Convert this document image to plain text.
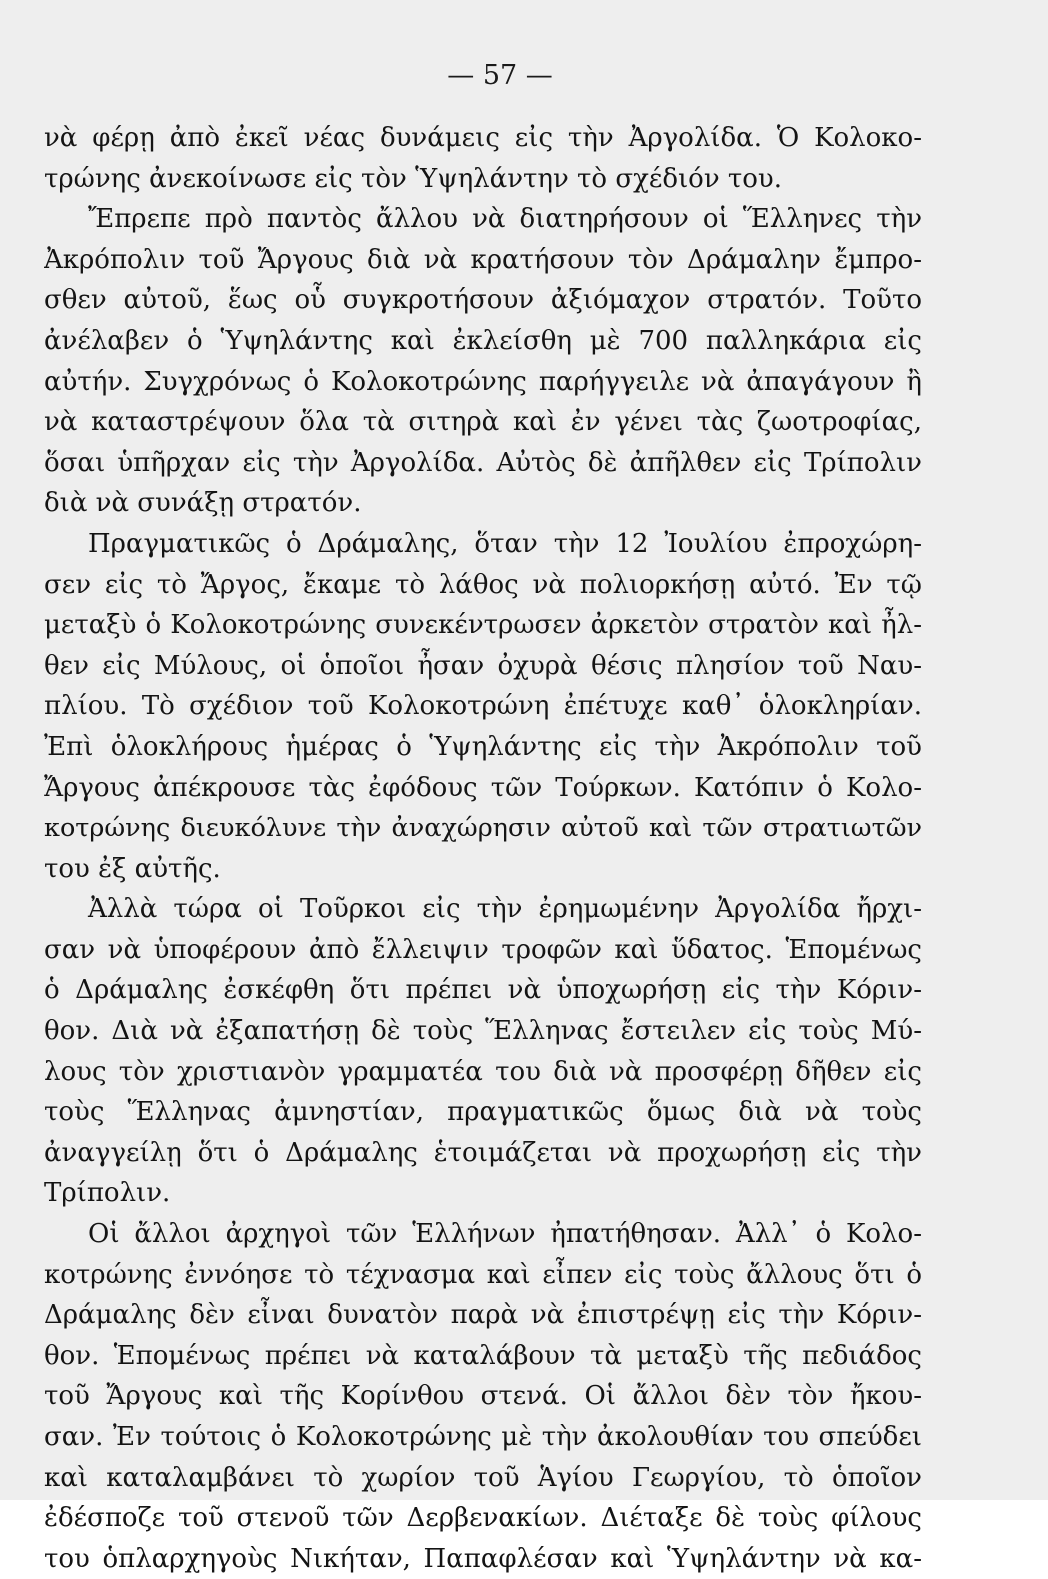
— 57 —
νὰ φέρῃ ἀπὸ ἐκεῖ νέας δυνάμεις εἰς τὴν Ἀργολίδα. Ὁ Κολοκο-
τρώνης ἀνεκοίνωσε εἰς τὸν Ὑψηλάντην τὸ σχέδιόν του.
Ἔπρεπε πρὸ παντὸς ἄλλου νὰ διατηρήσουν οἱ Ἕλληνες τὴν
Ἀκρόπολιν τοῦ Ἄργους διὰ νὰ κρατήσουν τὸν Δράμαλην ἔμπρο-
σθεν αὐτοῦ, ἕως οὗ συγκροτήσουν ἀξιόμαχον στρατόν. Τοῦτο
ἀνέλαβεν ὁ Ὑψηλάντης καὶ ἐκλείσθη μὲ 700 παλληκάρια εἰς
αὐτήν. Συγχρόνως ὁ Κολοκοτρώνης παρήγγειλε νὰ ἀπαγάγουν ἢ
νὰ καταστρέψουν ὅλα τὰ σιτηρὰ καὶ ἐν γένει τὰς ζωοτροφίας,
ὅσαι ὑπῆρχαν εἰς τὴν Ἀργολίδα. Αὐτὸς δὲ ἀπῆλθεν εἰς Τρίπολιν
διὰ νὰ συνάξῃ στρατόν.
Πραγματικῶς ὁ Δράμαλης, ὅταν τὴν 12 Ἰουλίου ἐπροχώρη-
σεν εἰς τὸ Ἄργος, ἔκαμε τὸ λάθος νὰ πολιορκήσῃ αὐτό. Ἐν τῷ
μεταξὺ ὁ Κολοκοτρώνης συνεκέντρωσεν ἀρκετὸν στρατὸν καὶ ἦλ-
θεν εἰς Μύλους, οἱ ὁποῖοι ἦσαν ὀχυρὰ θέσις πλησίον τοῦ Ναυ-
πλίου. Τὸ σχέδιον τοῦ Κολοκοτρώνη ἐπέτυχε καθ᾽ ὁλοκληρίαν.
Ἐπὶ ὁλοκλήρους ἡμέρας ὁ Ὑψηλάντης εἰς τὴν Ἀκρόπολιν τοῦ
Ἄργους ἀπέκρουσε τὰς ἐφόδους τῶν Τούρκων. Κατόπιν ὁ Κολο-
κοτρώνης διευκόλυνε τὴν ἀναχώρησιν αὐτοῦ καὶ τῶν στρατιωτῶν
του ἐξ αὐτῆς.
Ἀλλὰ τώρα οἱ Τοῦρκοι εἰς τὴν ἐρημωμένην Ἀργολίδα ἤρχι-
σαν νὰ ὑποφέρουν ἀπὸ ἔλλειψιν τροφῶν καὶ ὕδατος. Ἑπομένως
ὁ Δράμαλης ἐσκέφθη ὅτι πρέπει νὰ ὑποχωρήσῃ εἰς τὴν Κόριν-
θον. Διὰ νὰ ἐξαπατήσῃ δὲ τοὺς Ἕλληνας ἔστειλεν εἰς τοὺς Μύ-
λους τὸν χριστιανὸν γραμματέα του διὰ νὰ προσφέρῃ δῆθεν εἰς
τοὺς Ἕλληνας ἀμνηστίαν, πραγματικῶς ὅμως διὰ νὰ τοὺς
ἀναγγείλῃ ὅτι ὁ Δράμαλης ἑτοιμάζεται νὰ προχωρήσῃ εἰς τὴν
Τρίπολιν.
Οἱ ἄλλοι ἀρχηγοὶ τῶν Ἑλλήνων ἠπατήθησαν. Ἀλλ᾽ ὁ Κολο-
κοτρώνης ἐννόησε τὸ τέχνασμα καὶ εἶπεν εἰς τοὺς ἄλλους ὅτι ὁ
Δράμαλης δὲν εἶναι δυνατὸν παρὰ νὰ ἐπιστρέψῃ εἰς τὴν Κόριν-
θον. Ἑπομένως πρέπει νὰ καταλάβουν τὰ μεταξὺ τῆς πεδιάδος
τοῦ Ἄργους καὶ τῆς Κορίνθου στενά. Οἱ ἄλλοι δὲν τὸν ἤκου-
σαν. Ἐν τούτοις ὁ Κολοκοτρώνης μὲ τὴν ἀκολουθίαν του σπεύδει
καὶ καταλαμβάνει τὸ χωρίον τοῦ Ἁγίου Γεωργίου, τὸ ὁποῖον
ἐδέσποζε τοῦ στενοῦ τῶν Δερβενακίων. Διέταξε δὲ τοὺς φίλους
του ὁπλαρχηγοὺς Νικήταν, Παπαφλέσαν καὶ Ὑψηλάντην νὰ κα-
